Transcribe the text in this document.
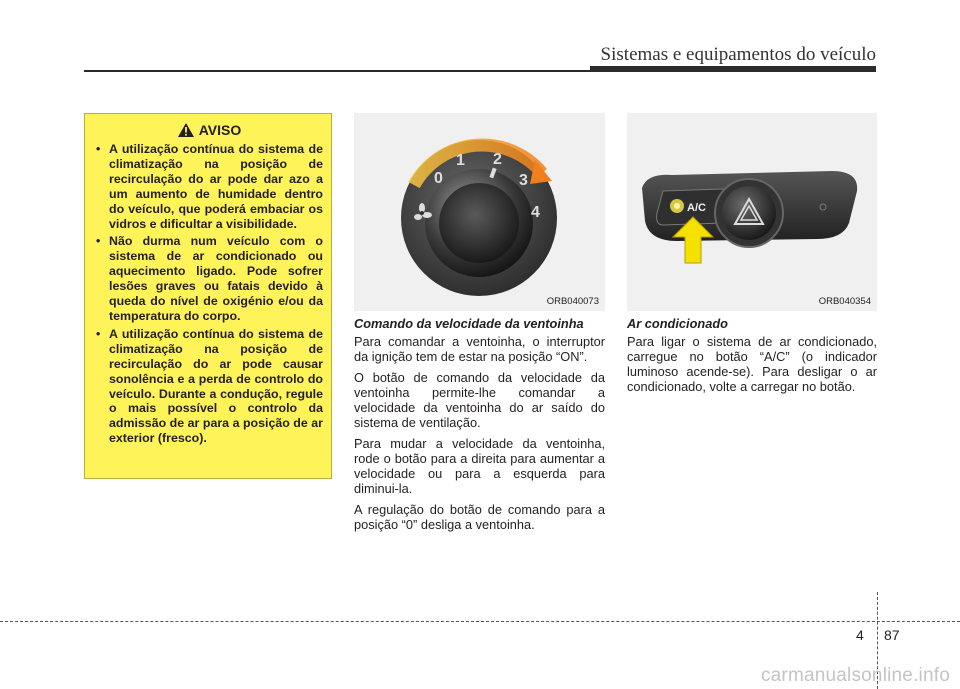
Sistemas e equipamentos do veículo
AVISO
• A utilização contínua do sistema de climatização na posição de recirculação do ar pode dar azo a um aumento de humidade dentro do veículo, que poderá embaciar os vidros e dificultar a visibilidade.
• Não durma num veículo com o sistema de ar condicionado ou aquecimento ligado. Pode sofrer lesões graves ou fatais devido à queda do nível de oxigénio e/ou da temperatura do corpo.
• A utilização contínua do sistema de climatização na posição de recirculação do ar pode causar sonolência e a perda de controlo do veículo. Durante a condução, regule o mais possível o controlo da admissão de ar para a posição de ar exterior (fresco).
0
1 2
3
4
ORB040073
A/C
ORB040354
Comando da velocidade da ventoinha

Para comandar a ventoinha, o interruptor da ignição tem de estar na posição “ON”.

O botão de comando da velocidade da ventoinha permite-lhe comandar a velocidade da ventoinha do ar saído do sistema de ventilação.

Para mudar a velocidade da ventoinha, rode o botão para a direita para aumentar a velocidade ou para a esquerda para diminui-la.

A regulação do botão de comando para a posição “0” desliga a ventoinha.

Ar condicionado

Para ligar o sistema de ar condicionado, carregue no botão “A/C” (o indicador luminoso acende-se). Para desligar o ar condicionado, volte a carregar no botão.

4 87
carmanualsonline.info
